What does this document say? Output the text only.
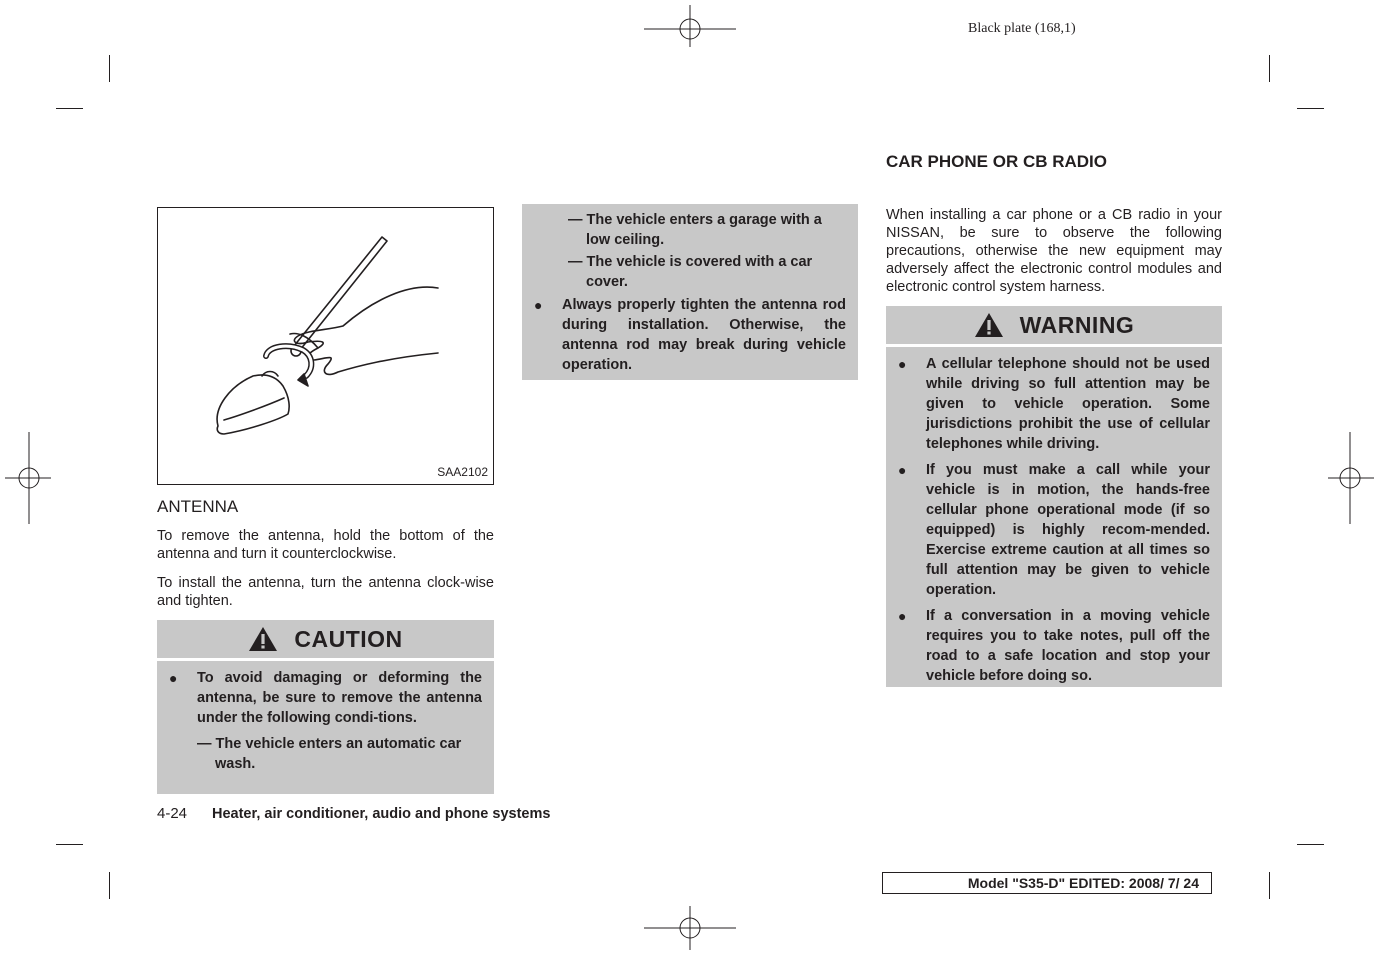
Black plate (168,1)
SAA2102
ANTENNA
To remove the antenna, hold the bottom of the antenna and turn it counterclockwise.
To install the antenna, turn the antenna clock-wise and tighten.
CAUTION
● To avoid damaging or deforming the antenna, be sure to remove the antenna under the following condi-tions.
— The vehicle enters an automatic car wash.
— The vehicle enters a garage with a low ceiling.
— The vehicle is covered with a car cover.
● Always properly tighten the antenna rod during installation. Otherwise, the antenna rod may break during vehicle operation.
CAR PHONE OR CB RADIO
When installing a car phone or a CB radio in your NISSAN, be sure to observe the following precautions, otherwise the new equipment may adversely affect the electronic control modules and electronic control system harness.
WARNING
● A cellular telephone should not be used while driving so full attention may be given to vehicle operation. Some jurisdictions prohibit the use of cellular telephones while driving.
● If you must make a call while your vehicle is in motion, the hands-free cellular phone operational mode (if so equipped) is highly recom-mended. Exercise extreme caution at all times so full attention may be given to vehicle operation.
● If a conversation in a moving vehicle requires you to take notes, pull off the road to a safe location and stop your vehicle before doing so.
4-24 Heater, air conditioner, audio and phone systems
Model "S35-D" EDITED: 2008/ 7/ 24
